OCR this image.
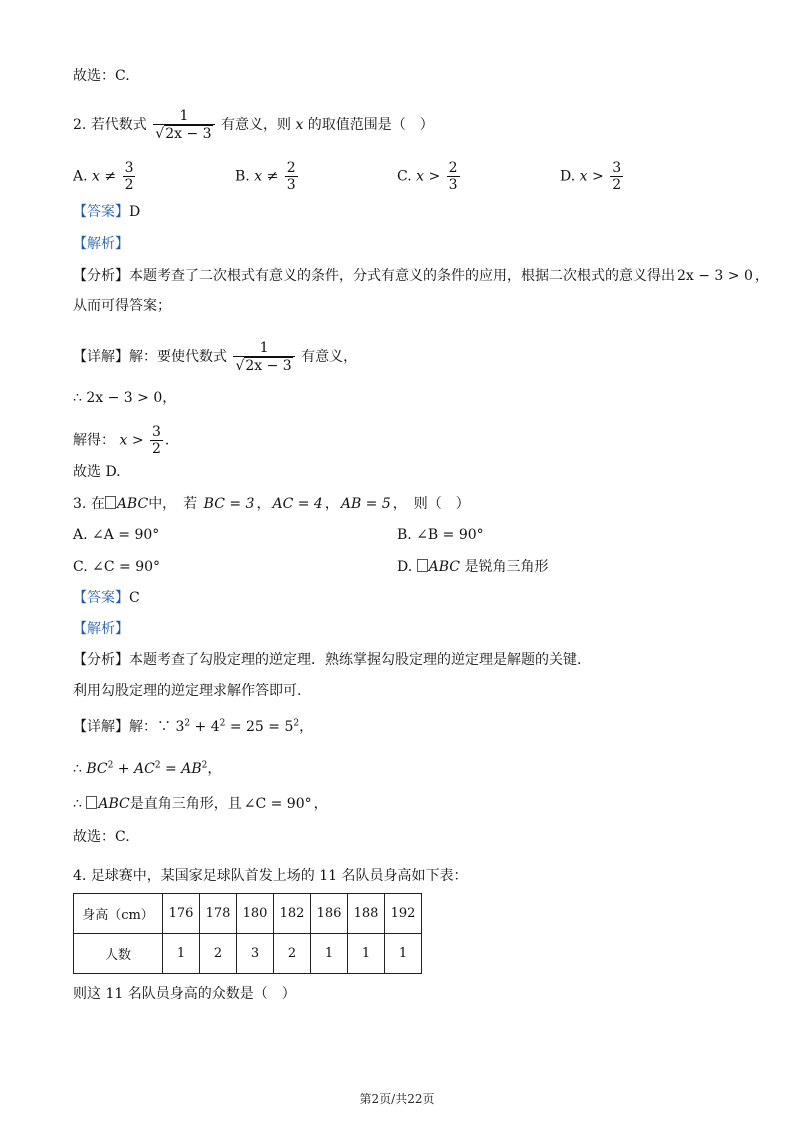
故选：C.
2. 若代数式 $\frac{1}{√2x - 3}$ 有意义，则 x 的取值范围是（　）
A. $x \ne \frac{3}{2}$	B. $x \ne \frac{2}{3}$	C. $x > \frac{2}{3}$	D. $x > \frac{3}{2}$
【答案】D
【解析】
【分析】本题考查了二次根式有意义的条件，分式有意义的条件的应用，根据二次根式的意义得出 2x − 3 > 0 ，
从而可得答案；
【详解】解：要使代数式 $\frac{1}{√2x - 3}$ 有意义，
∴ 2x − 3 > 0，
解得： $x > \frac{3}{2}$ .
故选 D.
3. 在 ABC中，　若 BC = 3 ， AC = 4 ， AB = 5 ，　则（　）
A. ∠A = 90°	B. ∠B = 90°
C. ∠C = 90°	D. ABC 是锐角三角形
【答案】C
【解析】
【分析】本题考查了勾股定理的逆定理．熟练掌握勾股定理的逆定理是解题的关键.
利用勾股定理的逆定理求解作答即可.
【详解】解：∵ $3^2 + 4^2 = 25 = 5^2$，
∴ $BC^2 + AC^2 = AB^2$，
∴ ABC是直角三角形，且 ∠C = 90° ，
故选：C.
4. 足球赛中，某国家足球队首发上场的 11 名队员身高如下表：
身高（cm）	176	178	180	182	186	188	192
人数	1	2	3	2	1	1	1
则这 11 名队员身高的众数是（　）
第2页/共22页
